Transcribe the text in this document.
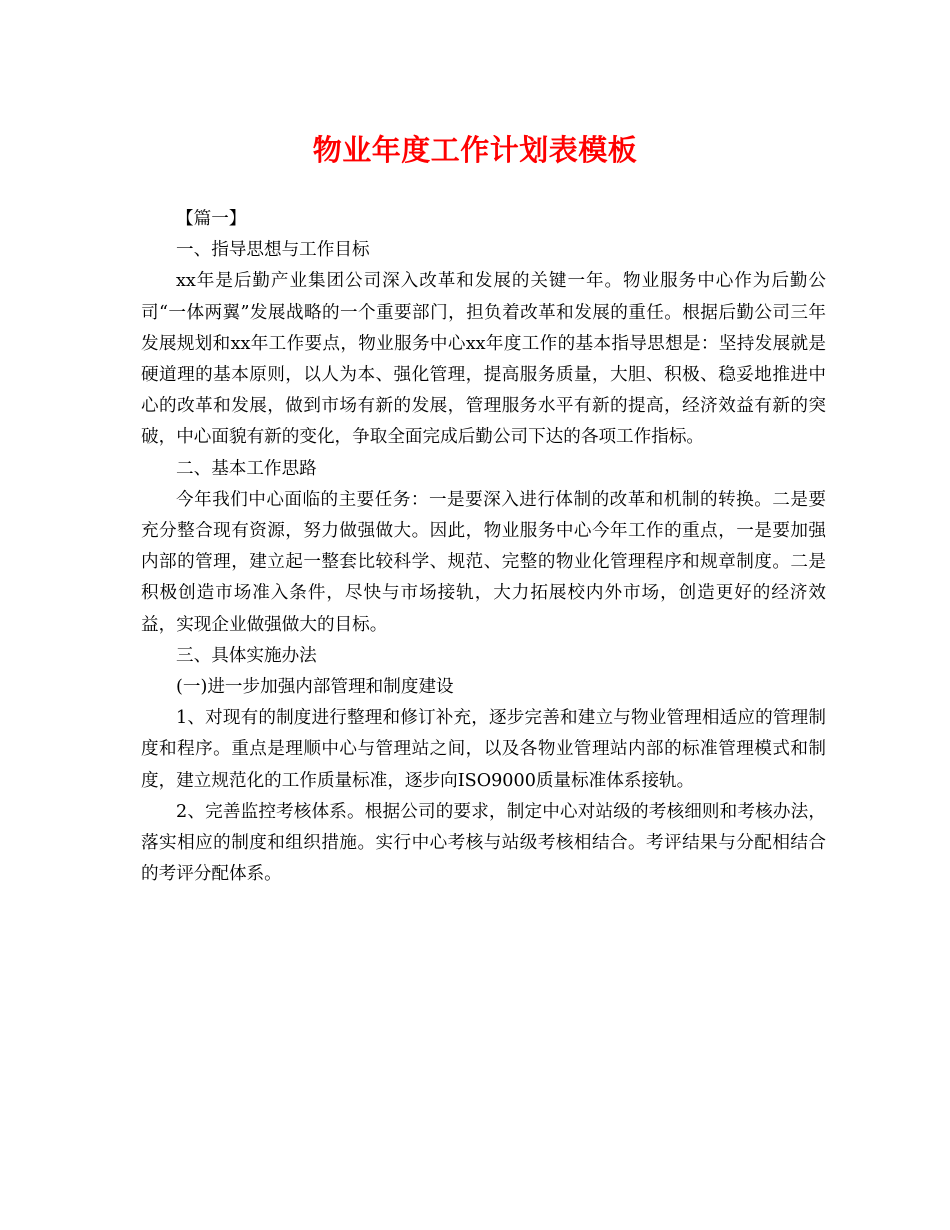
物业年度工作计划表模板

【篇一】

一、指导思想与工作目标

xx年是后勤产业集团公司深入改革和发展的关键一年。物业服务中心作为后勤公司“一体两翼”发展战略的一个重要部门，担负着改革和发展的重任。根据后勤公司三年发展规划和xx年工作要点，物业服务中心xx年度工作的基本指导思想是：坚持发展就是硬道理的基本原则，以人为本、强化管理，提高服务质量，大胆、积极、稳妥地推进中心的改革和发展，做到市场有新的发展，管理服务水平有新的提高，经济效益有新的突破，中心面貌有新的变化，争取全面完成后勤公司下达的各项工作指标。

二、基本工作思路

今年我们中心面临的主要任务：一是要深入进行体制的改革和机制的转换。二是要充分整合现有资源，努力做强做大。因此，物业服务中心今年工作的重点，一是要加强内部的管理，建立起一整套比较科学、规范、完整的物业化管理程序和规章制度。二是积极创造市场准入条件，尽快与市场接轨，大力拓展校内外市场，创造更好的经济效益，实现企业做强做大的目标。

三、具体实施办法

(一)进一步加强内部管理和制度建设

1、对现有的制度进行整理和修订补充，逐步完善和建立与物业管理相适应的管理制度和程序。重点是理顺中心与管理站之间，以及各物业管理站内部的标准管理模式和制度，建立规范化的工作质量标准，逐步向ISO9000质量标准体系接轨。

2、完善监控考核体系。根据公司的要求，制定中心对站级的考核细则和考核办法，落实相应的制度和组织措施。实行中心考核与站级考核相结合。考评结果与分配相结合的考评分配体系。
